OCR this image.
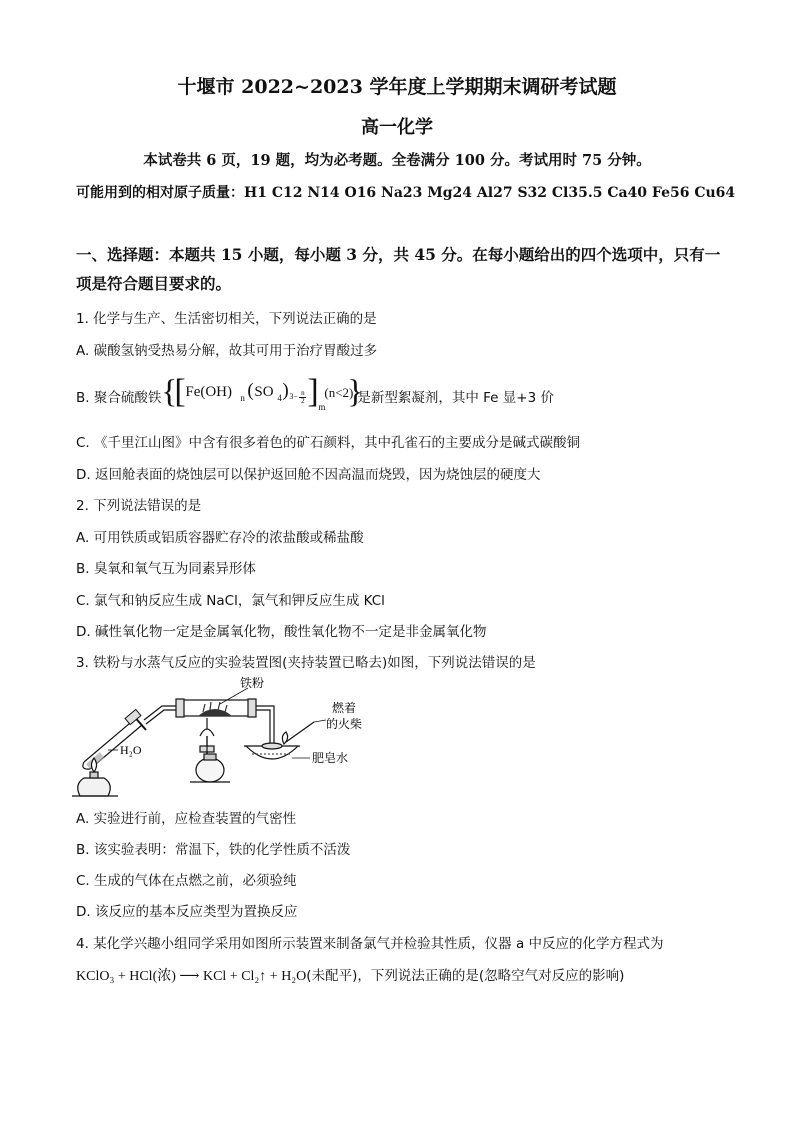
十堰市 2022~2023 学年度上学期期末调研考试题
高一化学
本试卷共 6 页，19 题，均为必考题。全卷满分 100 分。考试用时 75 分钟。
可能用到的相对原子质量：H1 C12 N14 O16 Na23 Mg24 Al27 S32 Cl35.5 Ca40 Fe56 Cu64
一、选择题：本题共 15 小题，每小题 3 分，共 45 分。在每小题给出的四个选项中，只有一
项是符合题目要求的。
1. 化学与生产、生活密切相关，下列说法正确的是
A. 碳酸氢钠受热易分解，故其可用于治疗胃酸过多
B. 聚合硫酸铁 {
[ Fe(OH) n ( SO 4 ) $3- \frac{n}{2}$ ] m
(n<2)
}
是新型絮凝剂，其中 Fe 显+3 价
C. 《千里江山图》中含有很多着色的矿石颜料，其中孔雀石的主要成分是碱式碳酸铜
D. 返回舱表面的烧蚀层可以保护返回舱不因高温而烧毁，因为烧蚀层的硬度大
2. 下列说法错误的是
A. 可用铁质或铝质容器贮存冷的浓盐酸或稀盐酸
B. 臭氧和氧气互为同素异形体
C. 氯气和钠反应生成 NaCl，氯气和钾反应生成 KCl
D. 碱性氧化物一定是金属氧化物，酸性氧化物不一定是非金属氧化物
3. 铁粉与水蒸气反应的实验装置图(夹持装置已略去)如图，下列说法错误的是
铁粉
燃着
的火柴
肥皂水
H₂O
A. 实验进行前，应检查装置的气密性
B. 该实验表明：常温下，铁的化学性质不活泼
C. 生成的气体在点燃之前，必须验纯
D. 该反应的基本反应类型为置换反应
4. 某化学兴趣小组同学采用如图所示装置来制备氯气并检验其性质，仪器 a 中反应的化学方程式为
KClO₃ + HCl(浓) ⟶ KCl + Cl₂↑ + H₂O(未配平)，下列说法正确的是(忽略空气对反应的影响)
